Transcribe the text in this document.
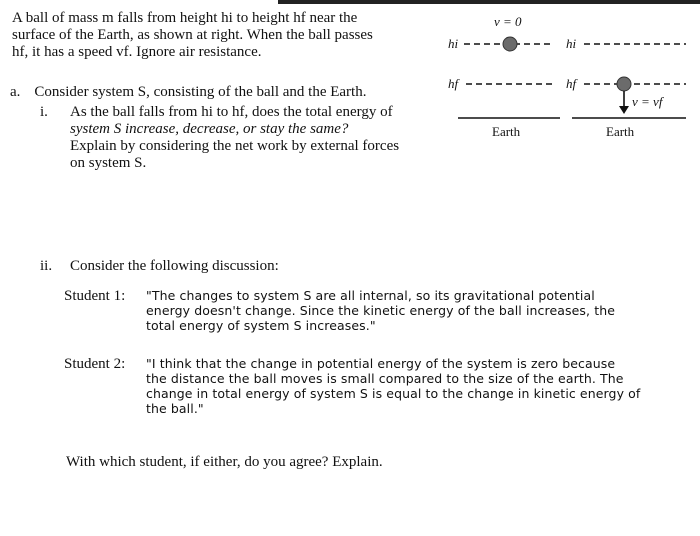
A ball of mass m falls from height hi to height hf near the
surface of the Earth, as shown at right. When the ball passes
hf, it has a speed vf. Ignore air resistance.
a. Consider system S, consisting of the ball and the Earth.
i.	As the ball falls from hi to hf, does the total energy of
system S increase, decrease, or stay the same?
Explain by considering the net work by external forces
on system S.
ii.	Consider the following discussion:
Student 1:	"The changes to system S are all internal, so its gravitational potential
energy doesn't change. Since the kinetic energy of the ball increases, the
total energy of system S increases."
Student 2:	"I think that the change in potential energy of the system is zero because
the distance the ball moves is small compared to the size of the earth. The
change in total energy of system S is equal to the change in kinetic energy of
the ball."
With which student, if either, do you agree? Explain.
v = 0
hi
hf
Earth
hi
hf
v = vf
Earth
